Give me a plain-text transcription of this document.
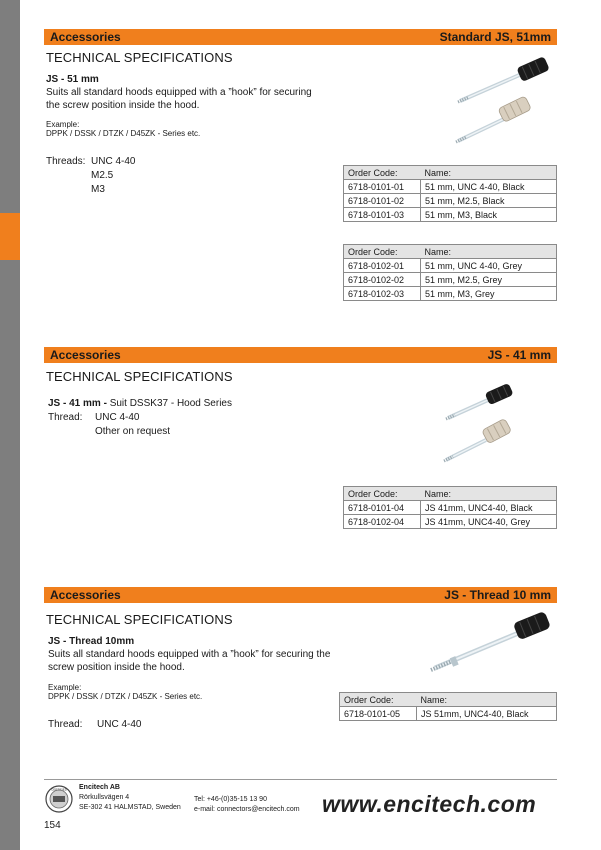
Accessories	Standard JS, 51mm
TECHNICAL SPECIFICATIONS
JS - 51 mm
Suits all standard hoods equipped with a ”hook” for securing
the screw position inside the hood.
Example:
DPPK / DSSK / DTZK / D45ZK - Series etc.
Threads: UNC 4-40
M2.5
M3
Order Code:	Name:
6718-0101-01	51 mm, UNC 4-40, Black
6718-0101-02	51 mm, M2.5, Black
6718-0101-03	51 mm, M3, Black
Order Code:	Name:
6718-0102-01	51 mm, UNC 4-40, Grey
6718-0102-02	51 mm, M2.5, Grey
6718-0102-03	51 mm, M3, Grey
Accessories	JS - 41 mm
TECHNICAL SPECIFICATIONS
JS - 41 mm - Suit DSSK37 - Hood Series
Thread: UNC 4-40
Other on request
Order Code:	Name:
6718-0101-04	JS 41mm, UNC4-40, Black
6718-0102-04	JS 41mm, UNC4-40, Grey
Accessories	JS - Thread 10 mm
TECHNICAL SPECIFICATIONS
JS - Thread 10mm
Suits all standard hoods equipped with a ”hook” for securing the
screw position inside the hood.
Example:
DPPK / DSSK / DTZK / D45ZK - Series etc.
Thread: UNC 4-40
Order Code:	Name:
6718-0101-05	JS 51mm, UNC4-40, Black
CERTIFIED Encitech AB
Rörkullsvägen 4
SE-302 41 HALMSTAD, Sweden
Tel: +46-(0)35-15 13 90
e-mail: connectors@encitech.com www.encitech.com
154
